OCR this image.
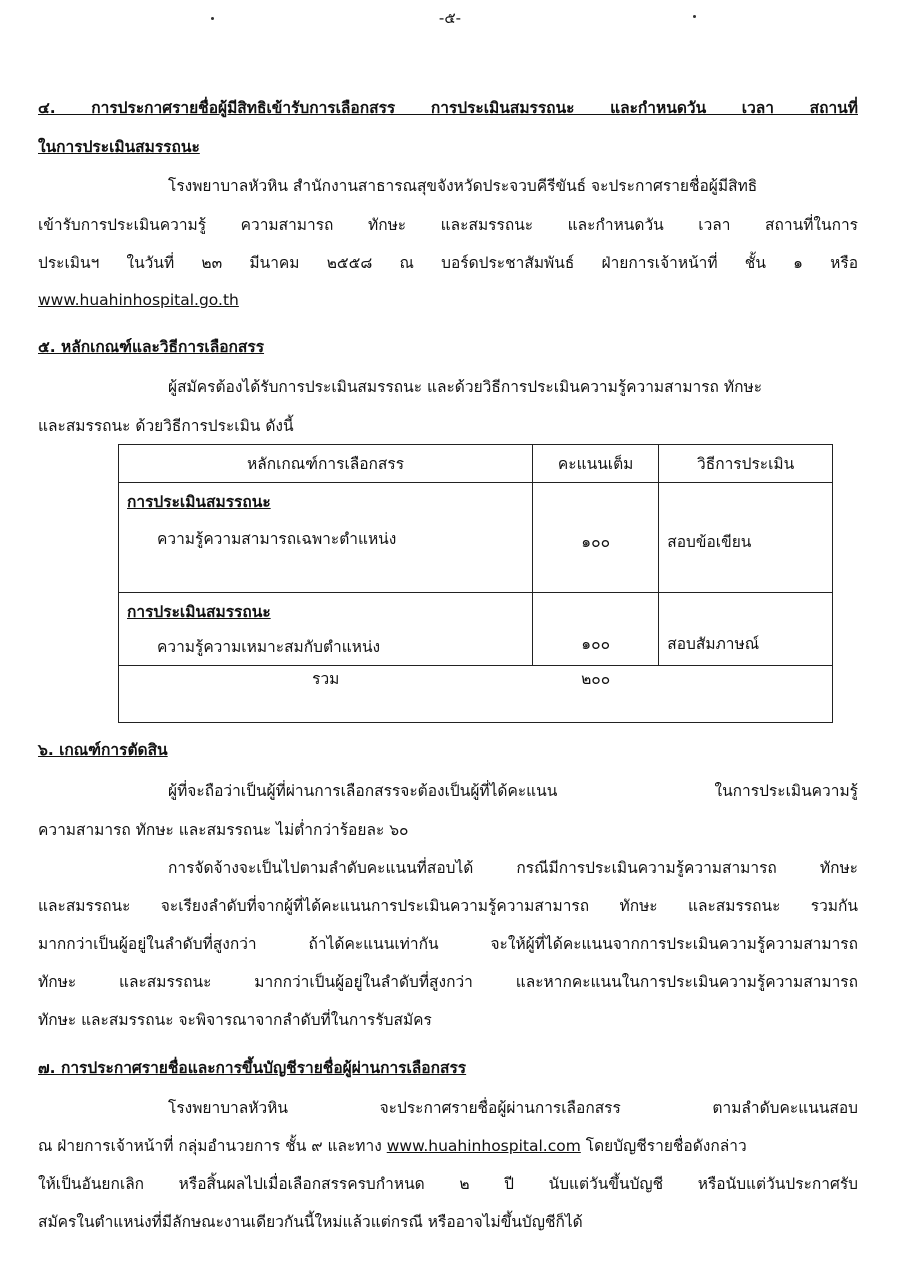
-๕-
๔. การประกาศรายชื่อผู้มีสิทธิเข้ารับการเลือกสรร การประเมินสมรรถนะ และกำหนดวัน เวลา สถานที่
ในการประเมินสมรรถนะ
โรงพยาบาลหัวหิน สำนักงานสาธารณสุขจังหวัดประจวบคีรีขันธ์ จะประกาศรายชื่อผู้มีสิทธิ
เข้ารับการประเมินความรู้ ความสามารถ ทักษะ และสมรรถนะ และกำหนดวัน เวลา สถานที่ในการ
ประเมินฯ ในวันที่ ๒๓ มีนาคม ๒๕๕๘ ณ บอร์ดประชาสัมพันธ์ ฝ่ายการเจ้าหน้าที่ ชั้น ๑ หรือ
www.huahinhospital.go.th
๕. หลักเกณฑ์และวิธีการเลือกสรร
ผู้สมัครต้องได้รับการประเมินสมรรถนะ และด้วยวิธีการประเมินความรู้ความสามารถ ทักษะ
และสมรรถนะ ด้วยวิธีการประเมิน ดังนี้
หลักเกณฑ์การเลือกสรร	คะแนนเต็ม	วิธีการประเมิน

การประเมินสมรรถนะ
ความรู้ความสามารถเฉพาะตำแหน่ง	๑๐๐	สอบข้อเขียน

การประเมินสมรรถนะ
ความรู้ความเหมาะสมกับตำแหน่ง	๑๐๐	สอบสัมภาษณ์

รวม	๒๐๐	
๖. เกณฑ์การตัดสิน
ผู้ที่จะถือว่าเป็นผู้ที่ผ่านการเลือกสรรจะต้องเป็นผู้ที่ได้คะแนน ในการประเมินความรู้
ความสามารถ ทักษะ และสมรรถนะ ไม่ต่ำกว่าร้อยละ ๖๐
การจัดจ้างจะเป็นไปตามลำดับคะแนนที่สอบได้ กรณีมีการประเมินความรู้ความสามารถ ทักษะ
และสมรรถนะ จะเรียงลำดับที่จากผู้ที่ได้คะแนนการประเมินความรู้ความสามารถ ทักษะ และสมรรถนะ รวมกัน
มากกว่าเป็นผู้อยู่ในลำดับที่สูงกว่า ถ้าได้คะแนนเท่ากัน จะให้ผู้ที่ได้คะแนนจากการประเมินความรู้ความสามารถ
ทักษะ และสมรรถนะ มากกว่าเป็นผู้อยู่ในลำดับที่สูงกว่า และหากคะแนนในการประเมินความรู้ความสามารถ
ทักษะ และสมรรถนะ จะพิจารณาจากลำดับที่ในการรับสมัคร
๗. การประกาศรายชื่อและการขึ้นบัญชีรายชื่อผู้ผ่านการเลือกสรร
โรงพยาบาลหัวหิน จะประกาศรายชื่อผู้ผ่านการเลือกสรร ตามลำดับคะแนนสอบ
ณ ฝ่ายการเจ้าหน้าที่ กลุ่มอำนวยการ ชั้น ๙ และทาง www.huahinhospital.com โดยบัญชีรายชื่อดังกล่าว
ให้เป็นอันยกเลิก หรือสิ้นผลไปเมื่อเลือกสรรครบกำหนด ๒ ปี นับแต่วันขึ้นบัญชี หรือนับแต่วันประกาศรับ
สมัครในตำแหน่งที่มีลักษณะงานเดียวกันนี้ใหม่แล้วแต่กรณี หรืออาจไม่ขึ้นบัญชีก็ได้
